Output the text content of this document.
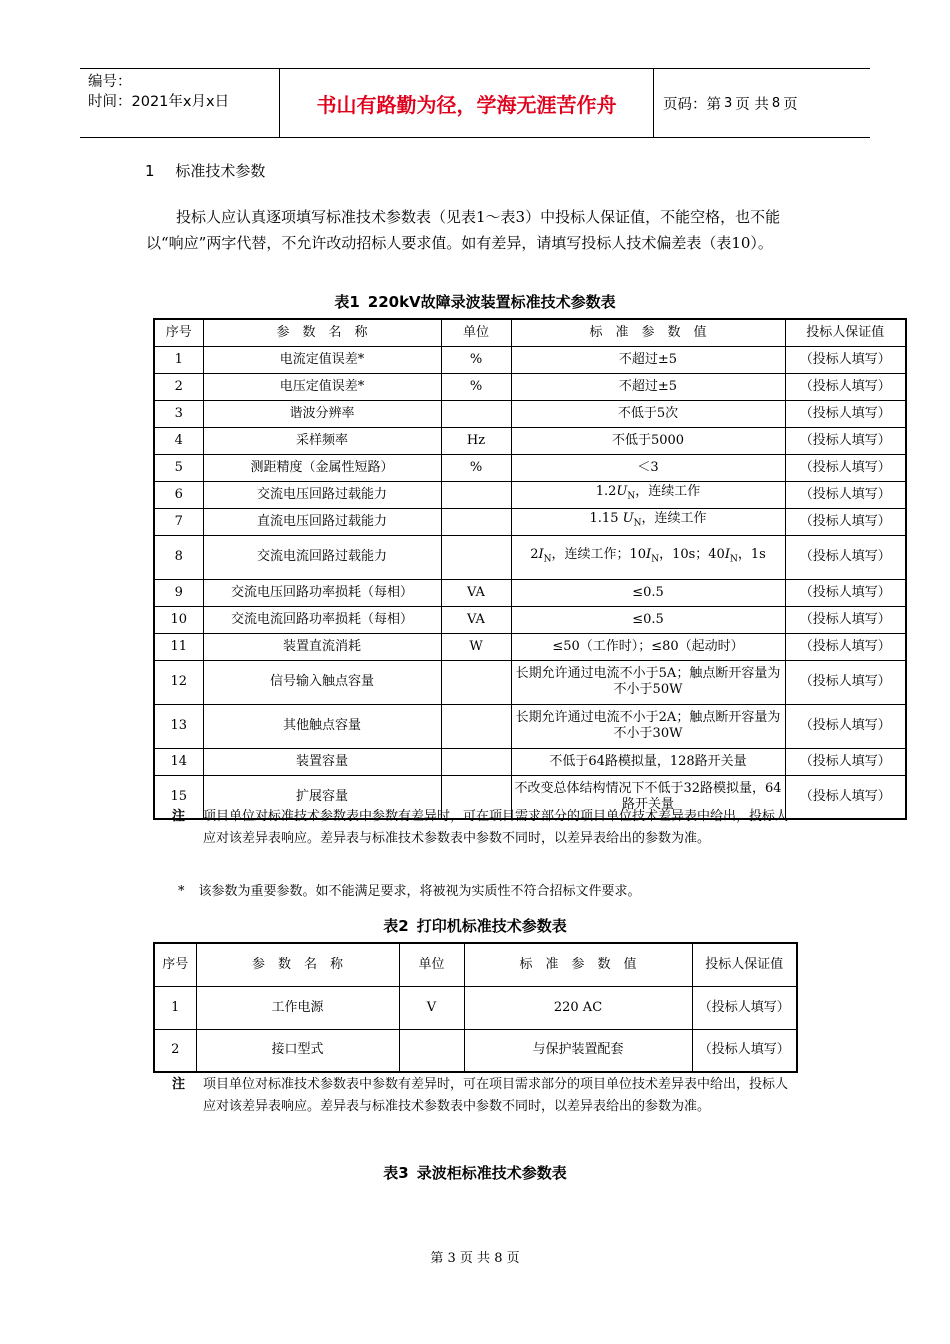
编号：
时间：2021年x月x日	书山有路勤为径，学海无涯苦作舟	页码：第 3 页 共 8 页
1 标准技术参数
投标人应认真逐项填写标准技术参数表（见表1～表3）中投标人保证值，不能空格，也不能以“响应”两字代替，不允许改动招标人要求值。如有差异，请填写投标人技术偏差表（表10）。
表1 220kV故障录波装置标准技术参数表
序号	参　数　名　称	单位	标　准　参　数　值	投标人保证值
1	电流定值误差*	%	不超过±5	（投标人填写）
2	电压定值误差*	%	不超过±5	（投标人填写）
3	谐波分辨率		不低于5次	（投标人填写）
4	采样频率	Hz	不低于5000	（投标人填写）
5	测距精度（金属性短路）	%	＜3	（投标人填写）
6	交流电压回路过载能力		$1.2U_N$，连续工作	（投标人填写）
7	直流电压回路过载能力		1.15 $U_N$，连续工作	（投标人填写）
8	交流电流回路过载能力		$2I_N$，连续工作；$10I_N$，10s；$40I_N$，1s	（投标人填写）
9	交流电压回路功率损耗（每相）	VA	≤0.5	（投标人填写）
10	交流电流回路功率损耗（每相）	VA	≤0.5	（投标人填写）
11	装置直流消耗	W	≤50（工作时）；≤80（起动时）	（投标人填写）
12	信号输入触点容量		长期允许通过电流不小于5A；触点断开容量为不小于50W	（投标人填写）
13	其他触点容量		长期允许通过电流不小于2A；触点断开容量为不小于30W	（投标人填写）
14	装置容量		不低于64路模拟量，128路开关量	（投标人填写）
15	扩展容量		不改变总体结构情况下不低于32路模拟量，64路开关量	（投标人填写）
注 项目单位对标准技术参数表中参数有差异时，可在项目需求部分的项目单位技术差异表中给出，投标人应对该差异表响应。差异表与标准技术参数表中参数不同时，以差异表给出的参数为准。
* 该参数为重要参数。如不能满足要求，将被视为实质性不符合招标文件要求。
表2 打印机标准技术参数表
序号	参　数　名　称	单位	标　准　参　数　值	投标人保证值
1	工作电源	V	220 AC	（投标人填写）
2	接口型式		与保护装置配套	（投标人填写）
注 项目单位对标准技术参数表中参数有差异时，可在项目需求部分的项目单位技术差异表中给出，投标人应对该差异表响应。差异表与标准技术参数表中参数不同时，以差异表给出的参数为准。
表3 录波柜标准技术参数表
第 3 页 共 8 页
